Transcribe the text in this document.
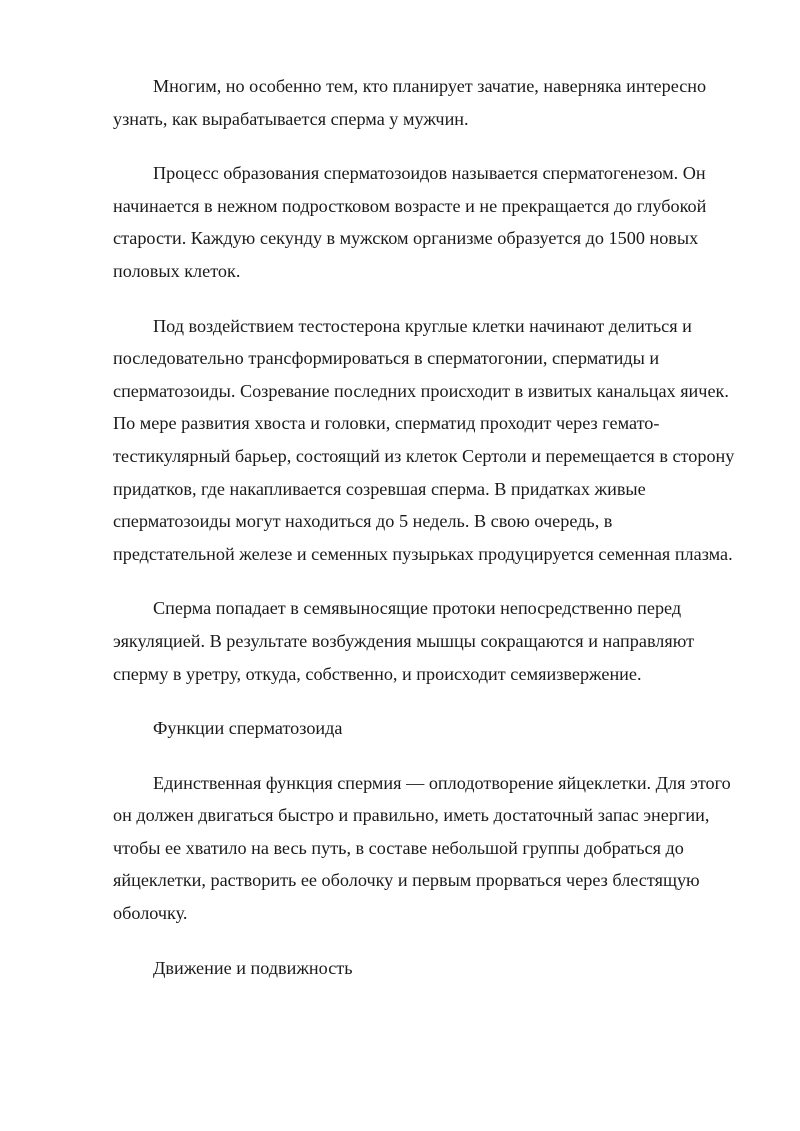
Многим, но особенно тем, кто планирует зачатие, наверняка интересно узнать, как вырабатывается сперма у мужчин.

Процесс образования сперматозоидов называется сперматогенезом. Он начинается в нежном подростковом возрасте и не прекращается до глубокой старости. Каждую секунду в мужском организме образуется до 1500 новых половых клеток.

Под воздействием тестостерона круглые клетки начинают делиться и последовательно трансформироваться в сперматогонии, сперматиды и сперматозоиды. Созревание последних происходит в извитых канальцах яичек. По мере развития хвоста и головки, сперматид проходит через гемато-тестикулярный барьер, состоящий из клеток Сертоли и перемещается в сторону придатков, где накапливается созревшая сперма. В придатках живые сперматозоиды могут находиться до 5 недель. В свою очередь, в предстательной железе и семенных пузырьках продуцируется семенная плазма.

Сперма попадает в семявыносящие протоки непосредственно перед эякуляцией. В результате возбуждения мышцы сокращаются и направляют сперму в уретру, откуда, собственно, и происходит семяизвержение.

Функции сперматозоида

Единственная функция спермия — оплодотворение яйцеклетки. Для этого он должен двигаться быстро и правильно, иметь достаточный запас энергии, чтобы ее хватило на весь путь, в составе небольшой группы добраться до яйцеклетки, растворить ее оболочку и первым прорваться через блестящую оболочку.

Движение и подвижность
